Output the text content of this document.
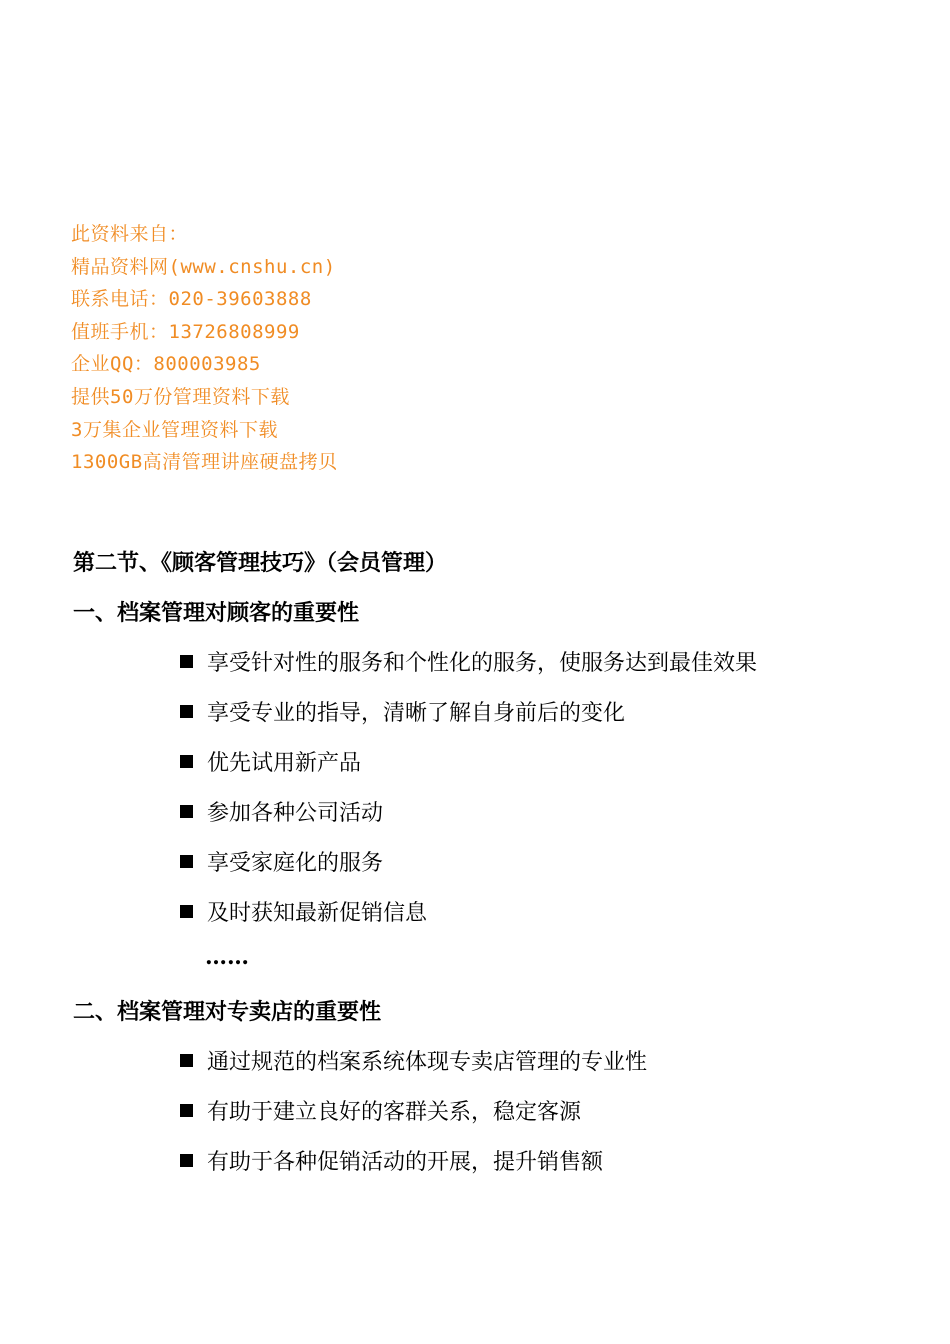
此资料来自：
精品资料网(www.cnshu.cn)
联系电话：020-39603888
值班手机：13726808999
企业QQ：800003985
提供50万份管理资料下载
3万集企业管理资料下载
1300GB高清管理讲座硬盘拷贝
第二节、《顾客管理技巧》（会员管理）
一、档案管理对顾客的重要性
享受针对性的服务和个性化的服务，使服务达到最佳效果
享受专业的指导，清晰了解自身前后的变化
优先试用新产品
参加各种公司活动
享受家庭化的服务
及时获知最新促销信息
……
二、档案管理对专卖店的重要性
通过规范的档案系统体现专卖店管理的专业性
有助于建立良好的客群关系，稳定客源
有助于各种促销活动的开展，提升销售额
